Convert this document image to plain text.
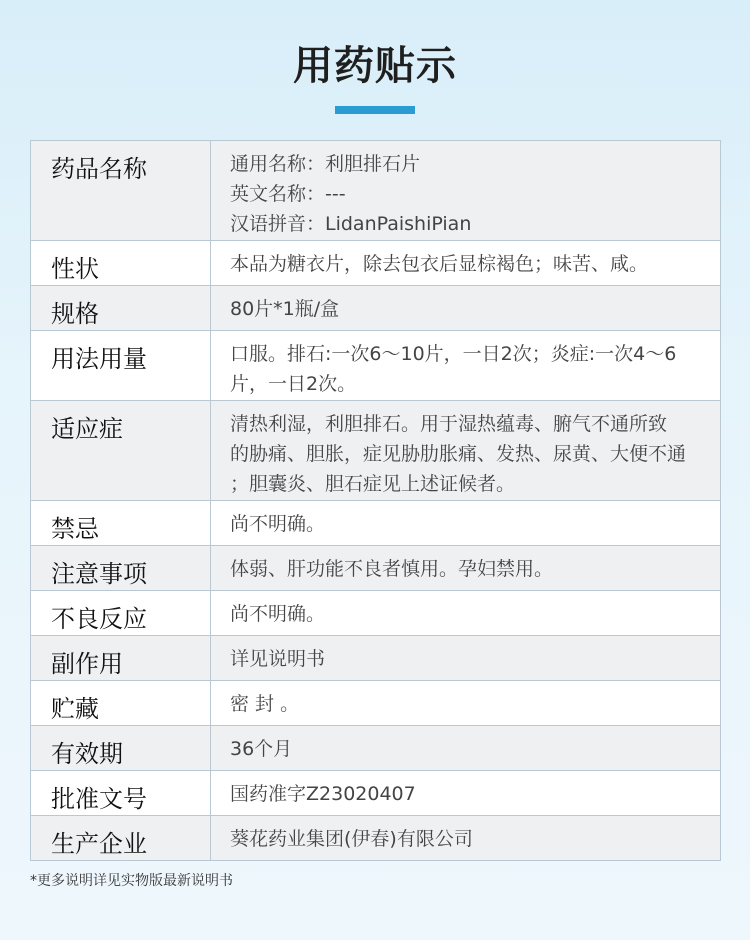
用药贴示
药品名称	通用名称：利胆排石片
英文名称：---
汉语拼音：LidanPaishiPian

性状	本品为糖衣片，除去包衣后显棕褐色；味苦、咸。

规格	80片*1瓶/盒

用法用量	口服。排石:一次6～10片，一日2次；炎症:一次4～6
片，一日2次。

适应症	清热利湿，利胆排石。用于湿热蕴毒、腑气不通所致
的胁痛、胆胀，症见胁肋胀痛、发热、尿黄、大便不通
；胆囊炎、胆石症见上述证候者。

禁忌	尚不明确。

注意事项	体弱、肝功能不良者慎用。孕妇禁用。

不良反应	尚不明确。

副作用	详见说明书

贮藏	密 封 。

有效期	36个月

批准文号	国药准字Z23020407

生产企业	葵花药业集团(伊春)有限公司
*更多说明详见实物版最新说明书
